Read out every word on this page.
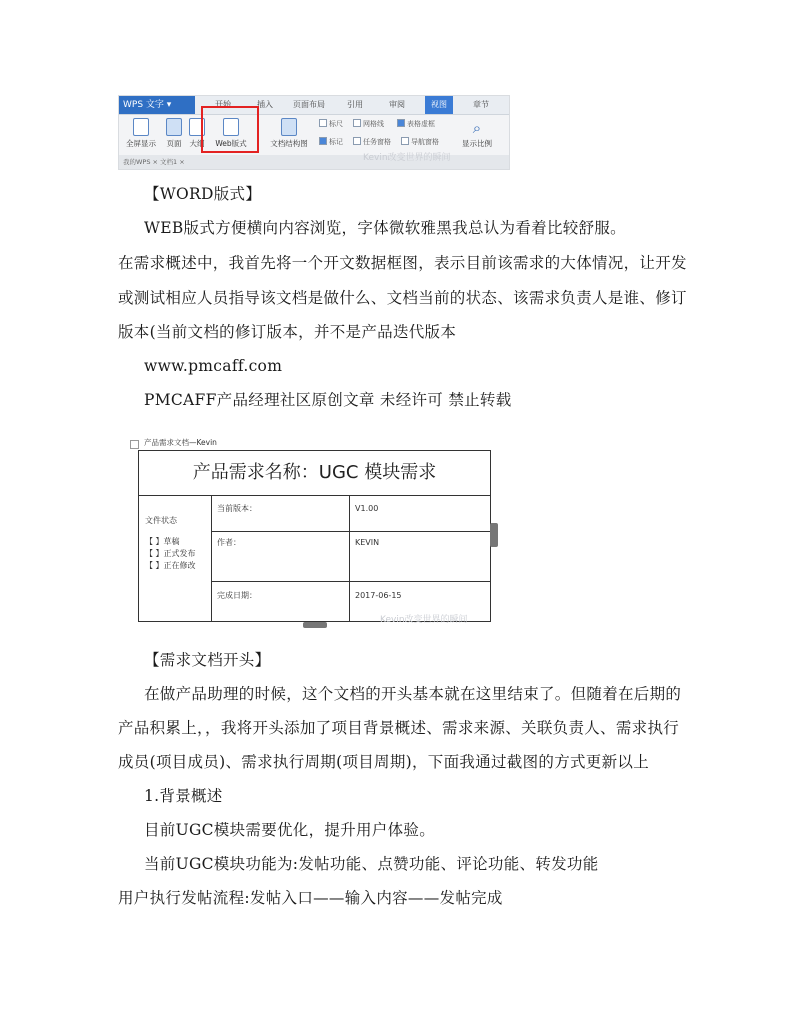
WPS 文字 ▾	开始	插入	页面布局	引用	审阅	视图	章节
全屏显示	页面	大纲	Web版式	文档结构图
标尺	网格线	表格虚框
标记	任务窗格	导航窗格
⌕
显示比例
我的WPS × 文档1 ×	Kevin改变世界的瞬间
【WORD版式】
WEB版式方便横向内容浏览，字体微软雅黑我总认为看着比较舒服。
在需求概述中，我首先将一个开文数据框图，表示目前该需求的大体情况，让开发
或测试相应人员指导该文档是做什么、文档当前的状态、该需求负责人是谁、修订
版本(当前文档的修订版本，并不是产品迭代版本
www.pmcaff.com
PMCAFF产品经理社区原创文章 未经许可 禁止转载
产品需求文档—Kevin
产品需求名称：UGC 模块需求
文件状态
【 】草稿
【 】正式发布
【 】正在修改
当前版本：	V1.00
作者：	KEVIN
完成日期：	2017-06-15
Kevin改变世界的瞬间
【需求文档开头】
在做产品助理的时候，这个文档的开头基本就在这里结束了。但随着在后期的
产品积累上，，我将开头添加了项目背景概述、需求来源、关联负责人、需求执行
成员(项目成员)、需求执行周期(项目周期)，下面我通过截图的方式更新以上
1.背景概述
目前UGC模块需要优化，提升用户体验。
当前UGC模块功能为:发帖功能、点赞功能、评论功能、转发功能
用户执行发帖流程:发帖入口——输入内容——发帖完成
